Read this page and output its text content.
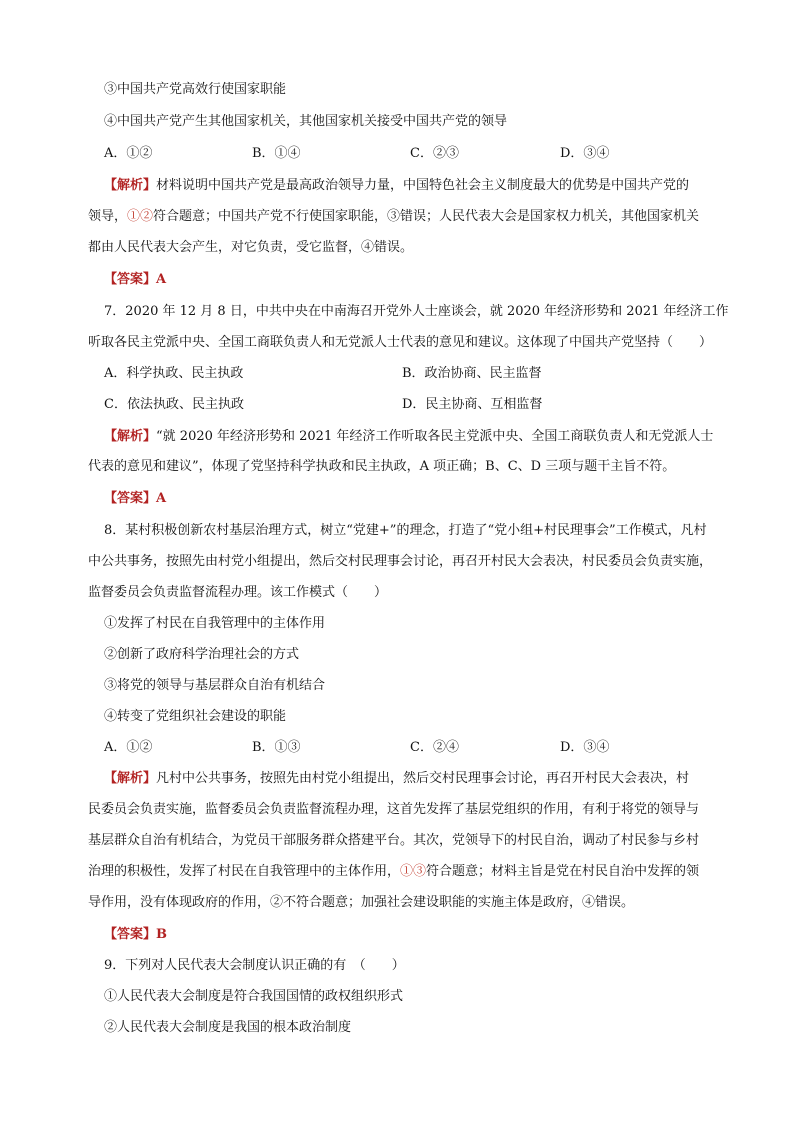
③中国共产党高效行使国家职能
④中国共产党产生其他国家机关，其他国家机关接受中国共产党的领导
A．①②	B．①④	C．②③	D．③④
【解析】材料说明中国共产党是最高政治领导力量，中国特色社会主义制度最大的优势是中国共产党的
领导，①②符合题意；中国共产党不行使国家职能，③错误；人民代表大会是国家权力机关，其他国家机关
都由人民代表大会产生，对它负责，受它监督，④错误。
【答案】A
7．2020 年 12 月 8 日，中共中央在中南海召开党外人士座谈会，就 2020 年经济形势和 2021 年经济工作
听取各民主党派中央、全国工商联负责人和无党派人士代表的意见和建议。这体现了中国共产党坚持（　　）
A．科学执政、民主执政	B．政治协商、民主监督
C．依法执政、民主执政	D．民主协商、互相监督
【解析】“就 2020 年经济形势和 2021 年经济工作听取各民主党派中央、全国工商联负责人和无党派人士
代表的意见和建议”，体现了党坚持科学执政和民主执政，A 项正确；B、C、D 三项与题干主旨不符。
【答案】A
8．某村积极创新农村基层治理方式，树立“党建+”的理念，打造了“党小组+村民理事会”工作模式，凡村
中公共事务，按照先由村党小组提出，然后交村民理事会讨论，再召开村民大会表决，村民委员会负责实施，
监督委员会负责监督流程办理。该工作模式（　　）
①发挥了村民在自我管理中的主体作用
②创新了政府科学治理社会的方式
③将党的领导与基层群众自治有机结合
④转变了党组织社会建设的职能
A．①②	B．①③	C．②④	D．③④
【解析】凡村中公共事务，按照先由村党小组提出，然后交村民理事会讨论，再召开村民大会表决，村
民委员会负责实施，监督委员会负责监督流程办理，这首先发挥了基层党组织的作用，有利于将党的领导与
基层群众自治有机结合，为党员干部服务群众搭建平台。其次，党领导下的村民自治，调动了村民参与乡村
治理的积极性，发挥了村民在自我管理中的主体作用，①③符合题意；材料主旨是党在村民自治中发挥的领
导作用，没有体现政府的作用，②不符合题意；加强社会建设职能的实施主体是政府，④错误。
【答案】B
9．下列对人民代表大会制度认识正确的有　（　　）
①人民代表大会制度是符合我国国情的政权组织形式
②人民代表大会制度是我国的根本政治制度
